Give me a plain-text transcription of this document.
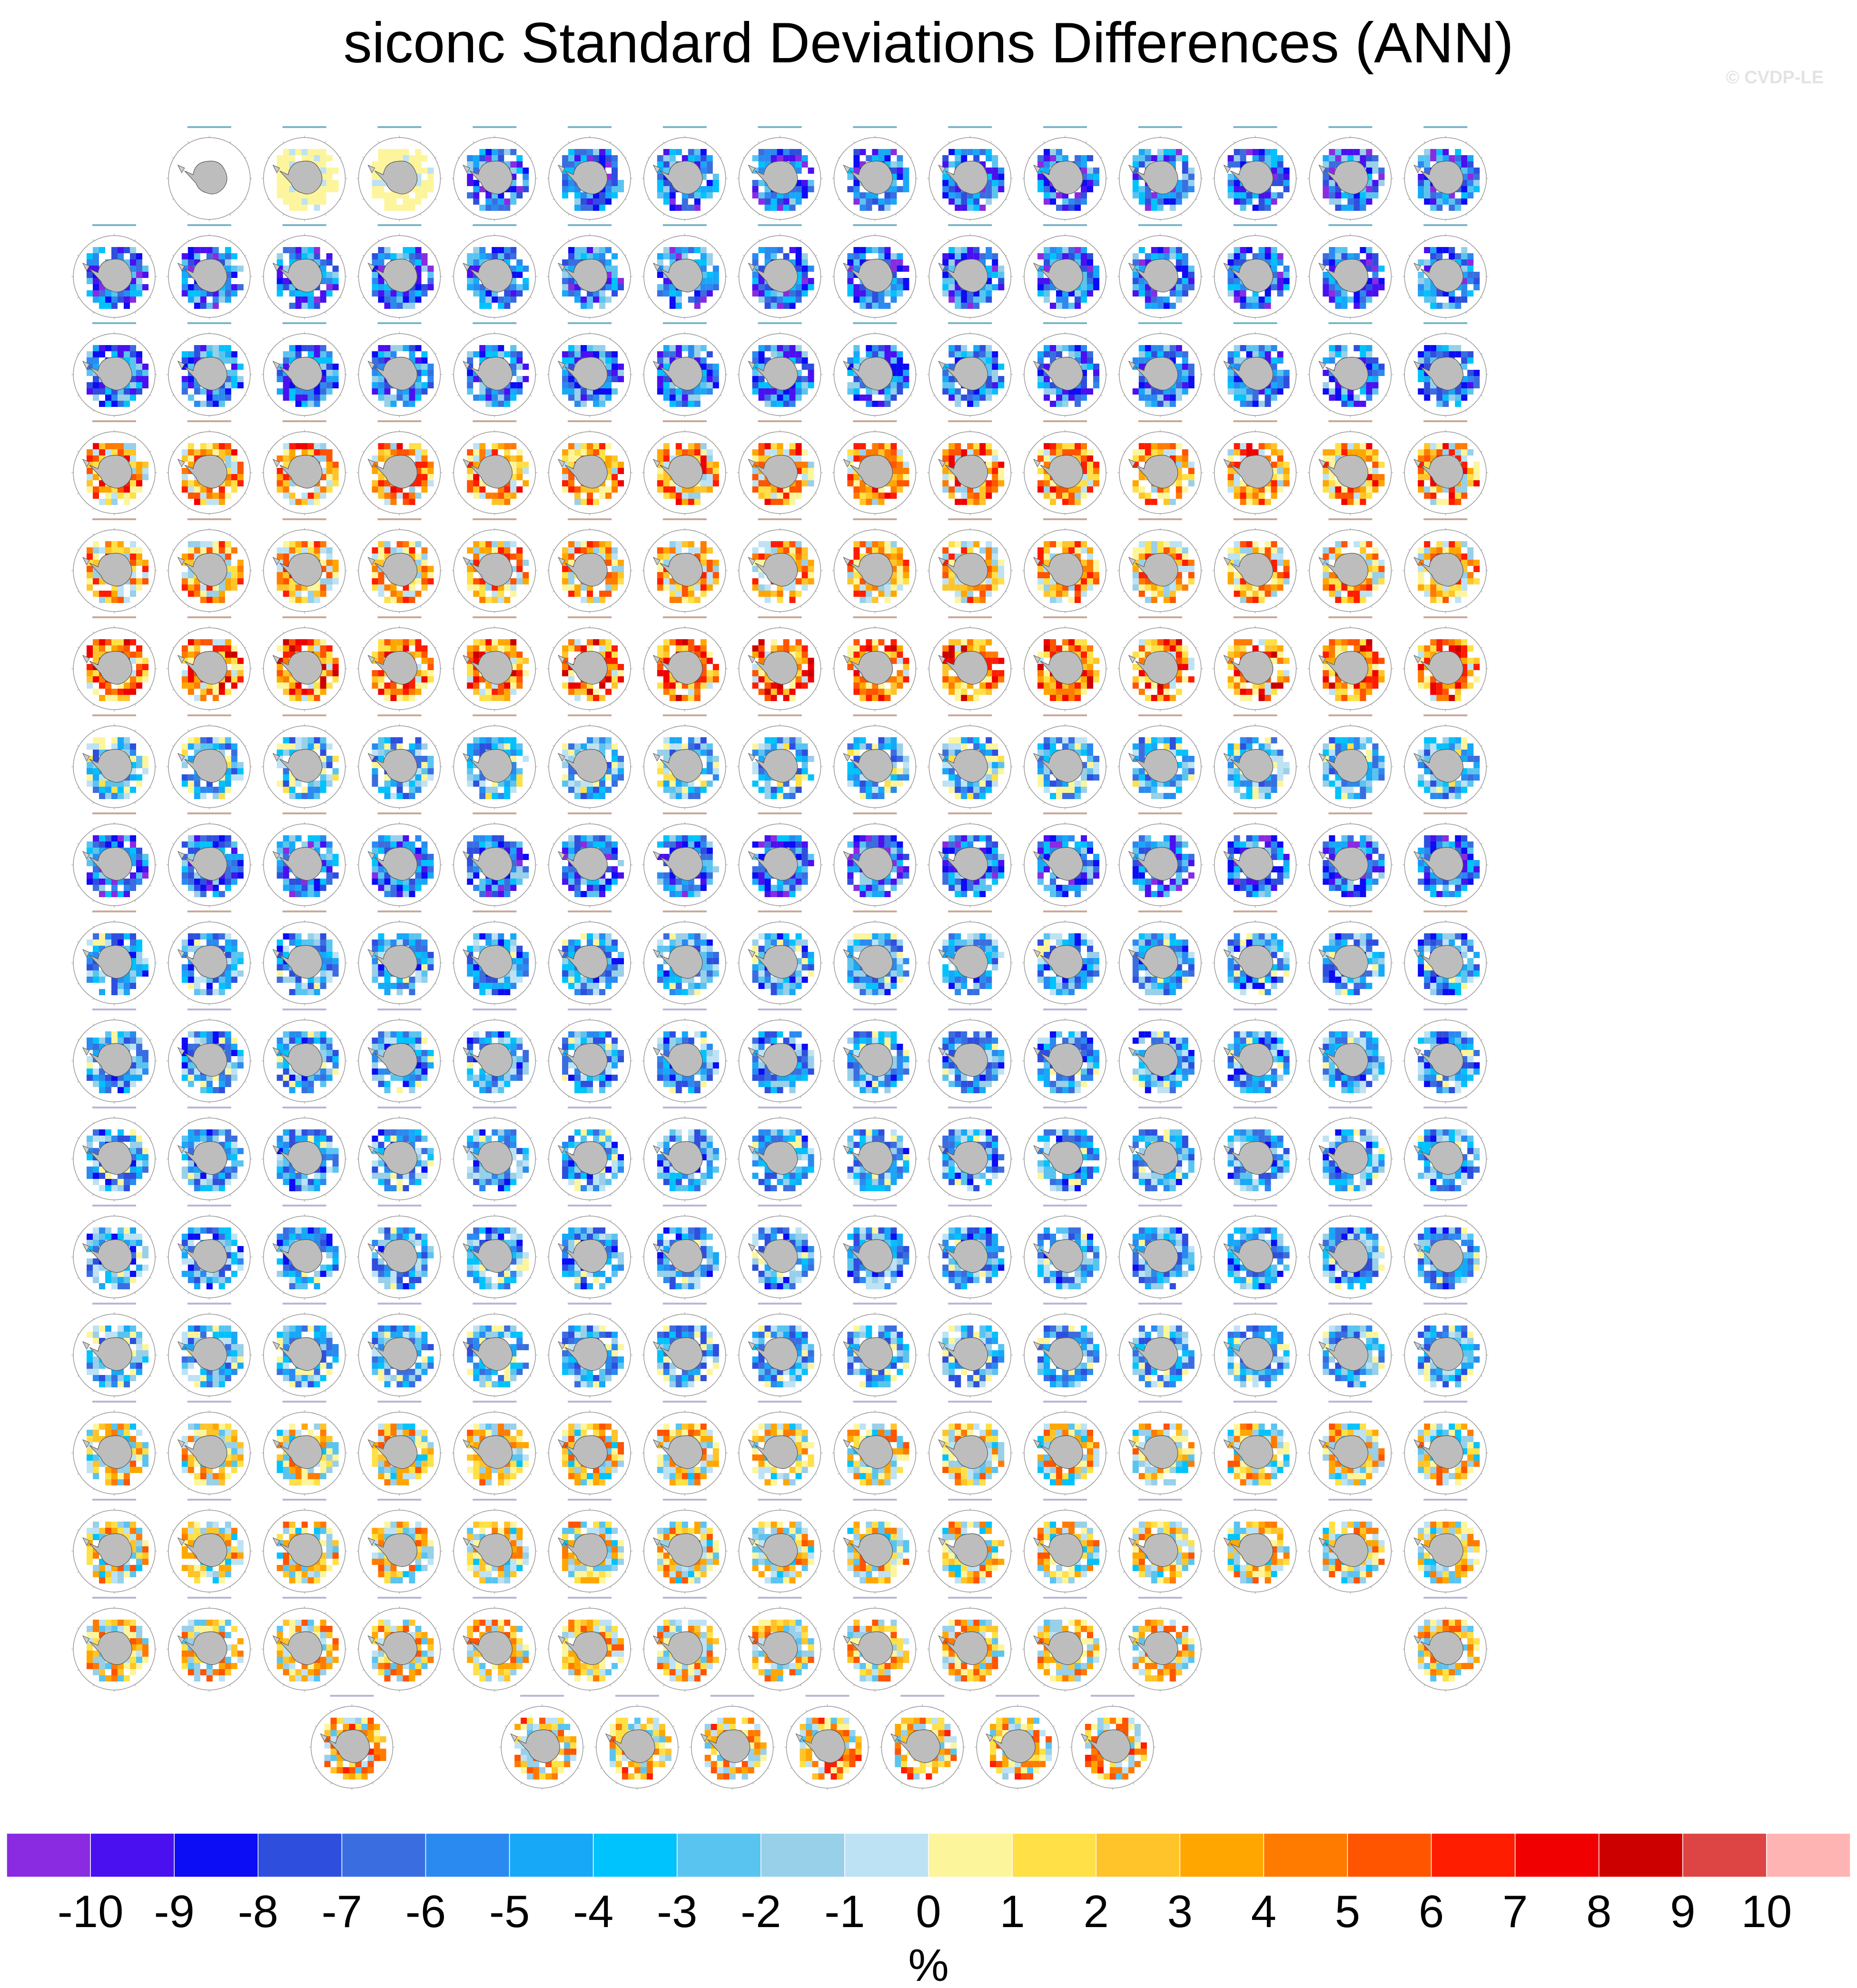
siconc Standard Deviations Differences (ANN)
© CVDP-LE
-10 -9 -8 -7 -6 -5 -4 -3 -2 -1 0 1 2 3 4 5 6 7 8 9 10
%
